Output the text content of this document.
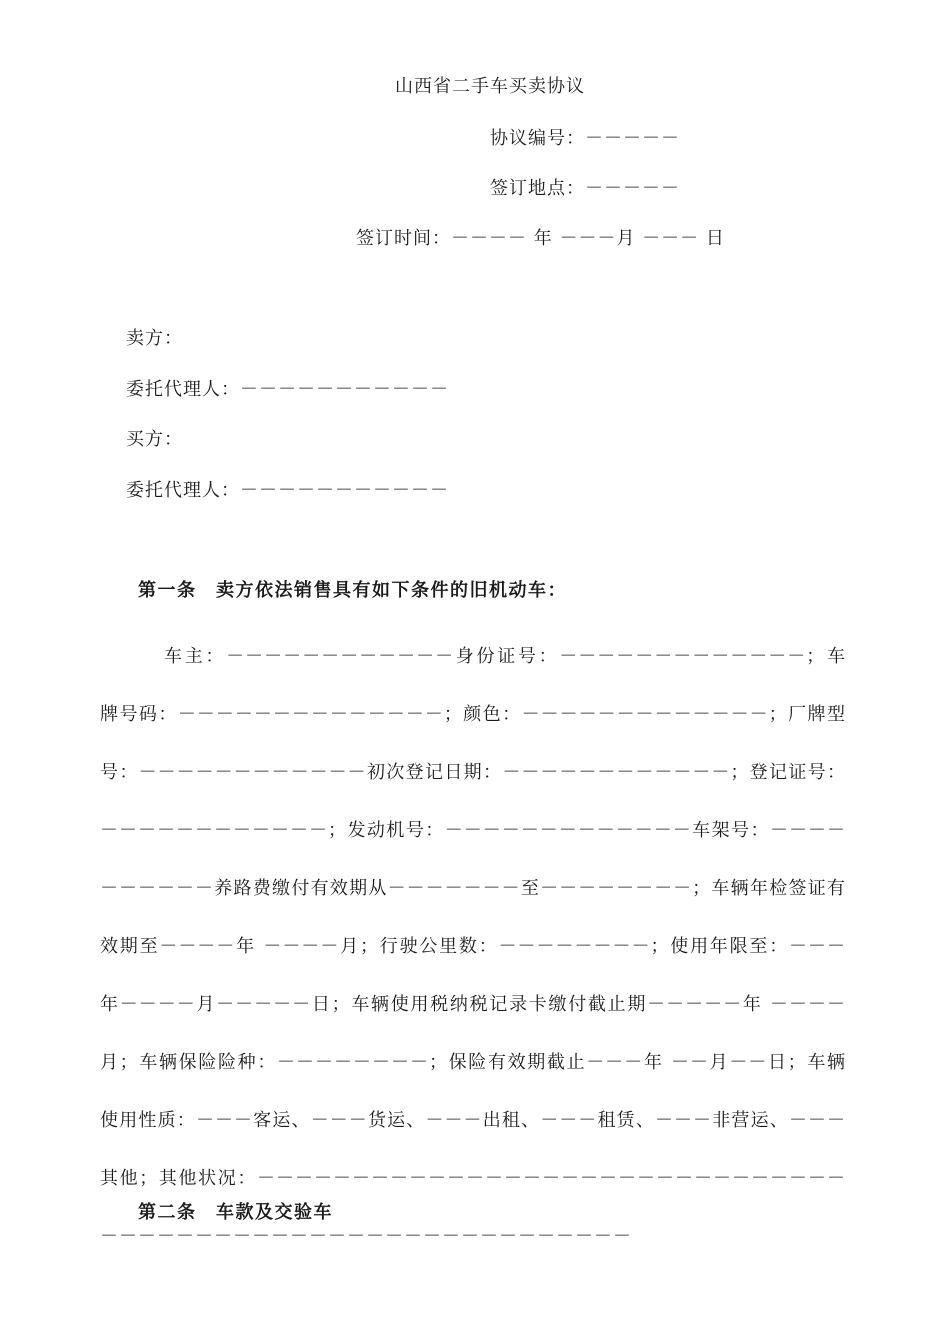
山西省二手车买卖协议
协议编号：－－－－－
签订地点：－－－－－
签订时间：－－－－ 年 －－－月 －－－ 日
卖方：
委托代理人：－－－－－－－－－－－
买方：
委托代理人：－－－－－－－－－－－
第一条　卖方依法销售具有如下条件的旧机动车：
车主：－－－－－－－－－－－－身份证号：－－－－－－－－－－－－－；车牌号码：－－－－－－－－－－－－－－；颜色：－－－－－－－－－－－－－；厂牌型号：－－－－－－－－－－－－初次登记日期：－－－－－－－－－－－－；登记证号：－－－－－－－－－－－－；发动机号：－－－－－－－－－－－－－车架号：－－－－－－－－－－养路费缴付有效期从－－－－－－－至－－－－－－－－；车辆年检签证有效期至－－－－年 －－－－月；行驶公里数：－－－－－－－－；使用年限至：－－－年－－－－月－－－－－日；车辆使用税纳税记录卡缴付截止期－－－－－年 －－－－月；车辆保险险种：－－－－－－－－；保险有效期截止－－－年 －－月－－日；车辆使用性质：－－－客运、－－－货运、－－－出租、－－－租赁、－－－非营运、－－－其他；其他状况：－－－－－－－－－－－－－－－－－－－－－－－－－－－－－－－－－－－－－－－－－－－－－－－－－－－－－－－－－－－
第二条　车款及交验车
